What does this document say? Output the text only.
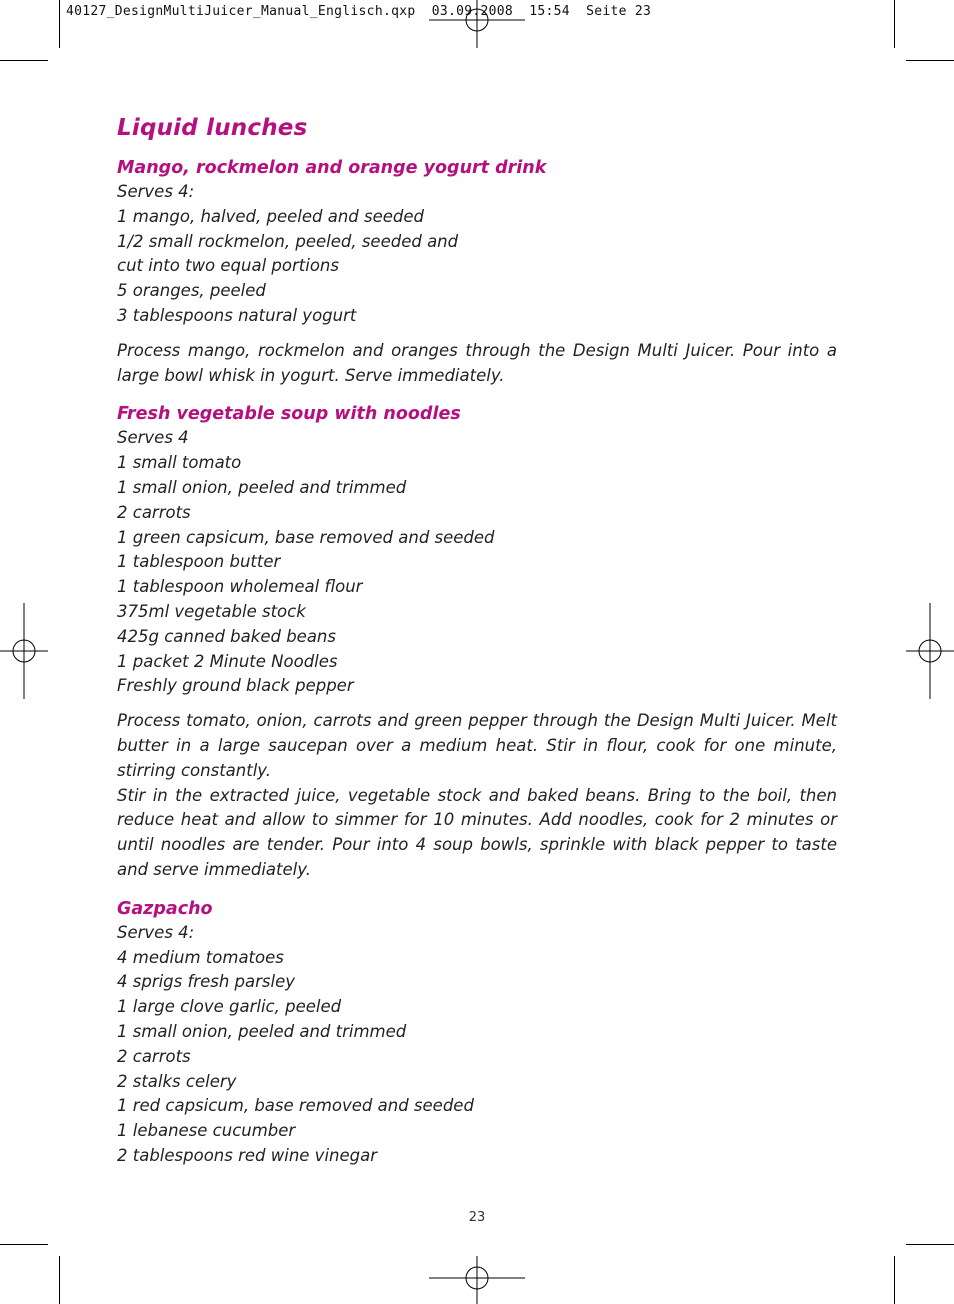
40127_DesignMultiJuicer_Manual_Englisch.qxp  03.09.2008  15:54  Seite 23
Liquid lunches
Mango, rockmelon and orange yogurt drink
Serves 4:
1 mango, halved, peeled and seeded
1/2 small rockmelon, peeled, seeded and
cut into two equal portions
5 oranges, peeled
3 tablespoons natural yogurt

Process mango, rockmelon and oranges through the Design Multi Juicer. Pour into a large bowl whisk in yogurt. Serve immediately.

Fresh vegetable soup with noodles
Serves 4
1 small tomato
1 small onion, peeled and trimmed
2 carrots
1 green capsicum, base removed and seeded
1 tablespoon butter
1 tablespoon wholemeal flour
375ml vegetable stock
425g canned baked beans
1 packet 2 Minute Noodles
Freshly ground black pepper

Process tomato, onion, carrots and green pepper through the Design Multi Juicer. Melt butter in a large saucepan over a medium heat. Stir in flour, cook for one minute, stirring constantly.

Stir in the extracted juice, vegetable stock and baked beans. Bring to the boil, then reduce heat and allow to simmer for 10 minutes. Add noodles, cook for 2 minutes or until noodles are tender. Pour into 4 soup bowls, sprinkle with black pepper to taste and serve immediately.

Gazpacho
Serves 4:
4 medium tomatoes
4 sprigs fresh parsley
1 large clove garlic, peeled
1 small onion, peeled and trimmed
2 carrots
2 stalks celery
1 red capsicum, base removed and seeded
1 lebanese cucumber
2 tablespoons red wine vinegar
23
